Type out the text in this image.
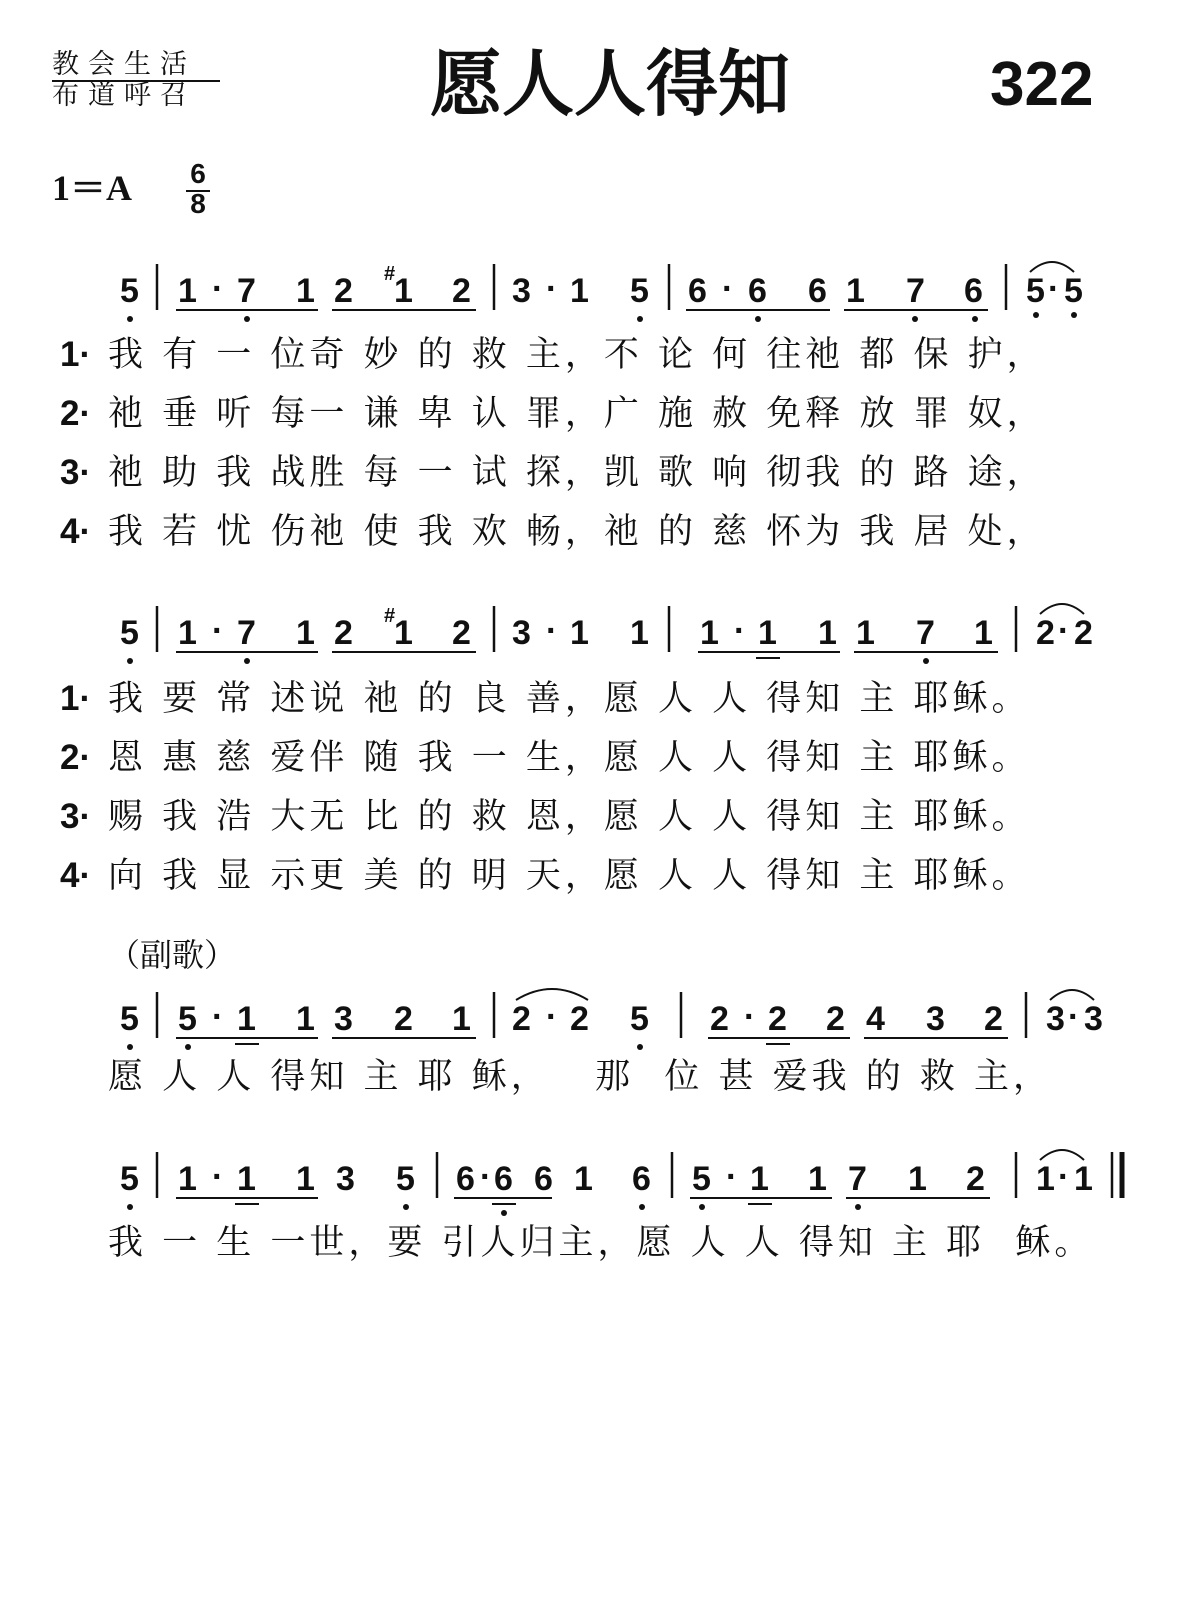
教会生活
布道呼召	愿人人得知	322
1＝A 6
8
5 1 · 7 1 2 #
1 2 3 · 1 5 6 · 6 6 1 7 6 5 · 5
5 1 · 7 1 2 #
1 2 3 · 1 1 1 · 1 1 1 7 1 2 · 2
5 5 · 1 1 3 2 1 2 · 2 5 2 · 2 2 4 3 2 3 · 3
5 1 · 1 1 3 5 6 · 6 6 1 6 5 · 1 1 7 1 2 1 · 1
1· 我 有 一 位奇 妙 的 救 主，不 论 何 往祂 都 保 护，
2· 祂 垂 听 每一 谦 卑 认 罪，广 施 赦 免释 放 罪 奴，
3· 祂 助 我 战胜 每 一 试 探，凯 歌 响 彻我 的 路 途，
4· 我 若 忧 伤祂 使 我 欢 畅，祂 的 慈 怀为 我 居 处，
1· 我 要 常 述说 祂 的 良 善，愿 人 人 得知 主 耶稣。
2· 恩 惠 慈 爱伴 随 我 一 生，愿 人 人 得知 主 耶稣。
3· 赐 我 浩 大无 比 的 救 恩，愿 人 人 得知 主 耶稣。
4· 向 我 显 示更 美 的 明 天，愿 人 人 得知 主 耶稣。
（副歌）
愿 人 人 得知 主 耶 稣，   那  位 甚 爱我 的 救 主，
我 一 生 一世，要 引人归主，愿 人 人 得知 主 耶  稣。
